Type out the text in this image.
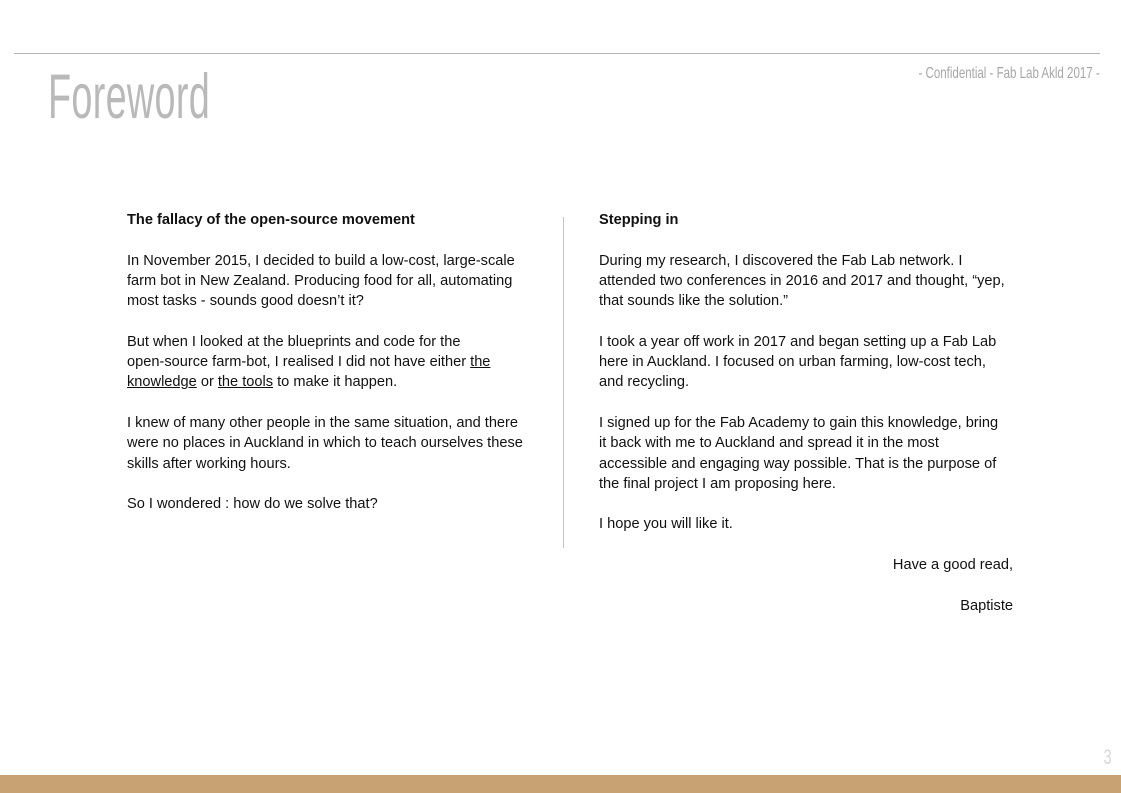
- Confidential - Fab Lab Akld 2017 -
Foreword
The fallacy of the open-source movement
In November 2015, I decided to build a low-cost, large-scale
farm bot in New Zealand. Producing food for all, automating
most tasks - sounds good doesn’t it?
But when I looked at the blueprints and code for the
open-source farm-bot, I realised I did not have either the
knowledge or the tools to make it happen.
I knew of many other people in the same situation, and there
were no places in Auckland in which to teach ourselves these
skills after working hours.
So I wondered : how do we solve that?
Stepping in
During my research, I discovered the Fab Lab network. I
attended two conferences in 2016 and 2017 and thought, “yep,
that sounds like the solution.”
I took a year off work in 2017 and began setting up a Fab Lab
here in Auckland. I focused on urban farming, low-cost tech,
and recycling.
I signed up for the Fab Academy to gain this knowledge, bring
it back with me to Auckland and spread it in the most
accessible and engaging way possible. That is the purpose of
the final project I am proposing here.
I hope you will like it.
Have a good read,
Baptiste
3
